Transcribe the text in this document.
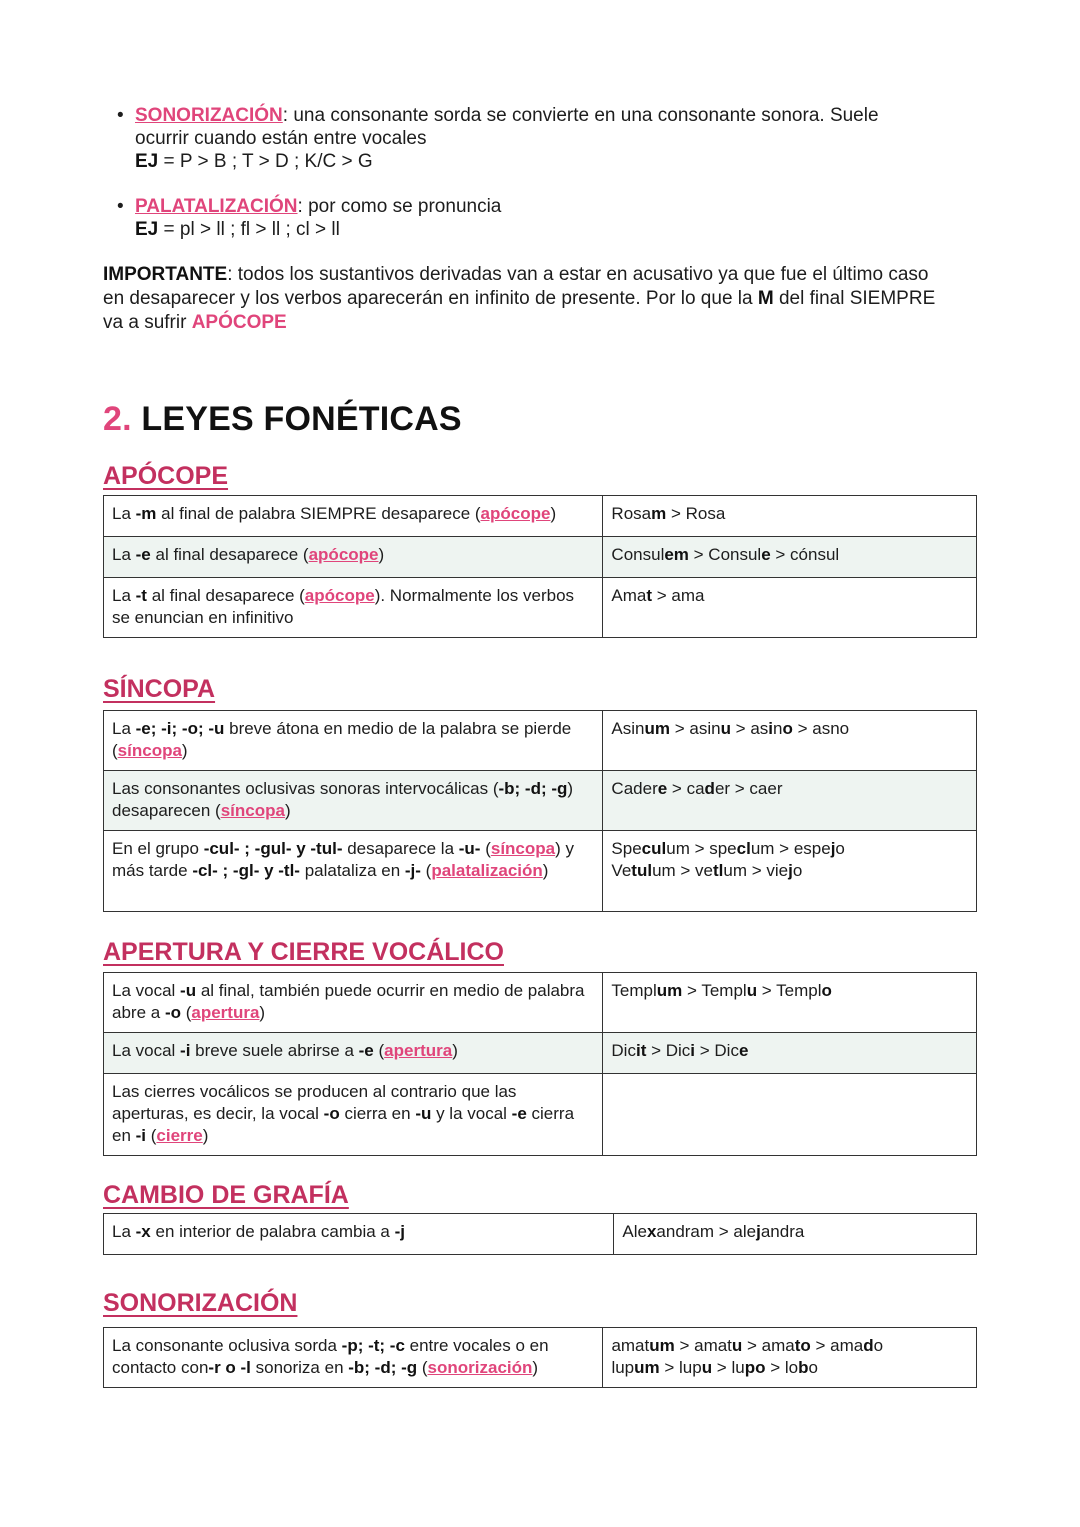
• SONORIZACIÓN: una consonante sorda se convierte en una consonante sonora. Suele
ocurrir cuando están entre vocales
EJ = P > B ; T > D ; K/C > G
• PALATALIZACIÓN: por como se pronuncia
EJ = pl > ll ; fl > ll ; cl > ll
IMPORTANTE: todos los sustantivos derivadas van a estar en acusativo ya que fue el último caso
en desaparecer y los verbos aparecerán en infinito de presente. Por lo que la M del final SIEMPRE
va a sufrir APÓCOPE
2. LEYES FONÉTICAS
APÓCOPE
La -m al final de palabra SIEMPRE desaparece (apócope)	Rosam > Rosa
La -e al final desaparece (apócope)	Consulem > Consule > cónsul
La -t al final desaparece (apócope). Normalmente los verbos se enuncian en infinitivo	Amat > ama
SÍNCOPA
La -e; -i; -o; -u breve átona en medio de la palabra se pierde (síncopa)	Asinum > asinu > asino > asno
Las consonantes oclusivas sonoras intervocálicas (-b; -d; -g) desaparecen (síncopa)	Cadere > cader > caer
En el grupo -cul- ; -gul- y -tul- desaparece la -u- (síncopa) y más tarde -cl- ; -gl- y -tl- palataliza en -j- (palatalización)	Speculum > speclum > espejo
Vetulum > vetlum > viejo
APERTURA Y CIERRE VOCÁLICO
La vocal -u al final, también puede ocurrir en medio de palabra abre a -o (apertura)	Templum > Templu > Templo
La vocal -i breve suele abrirse a -e (apertura)	Dicit > Dici > Dice
Las cierres vocálicos se producen al contrario que las aperturas, es decir, la vocal -o cierra en -u y la vocal -e cierra en -i (cierre)	
CAMBIO DE GRAFÍA
La -x en interior de palabra cambia a -j	Alexandram > alejandra
SONORIZACIÓN
La consonante oclusiva sorda -p; -t; -c entre vocales o en contacto con-r o -l sonoriza en -b; -d; -g (sonorización)	amatum > amatu > amato > amado
lupum > lupu > lupo > lobo
